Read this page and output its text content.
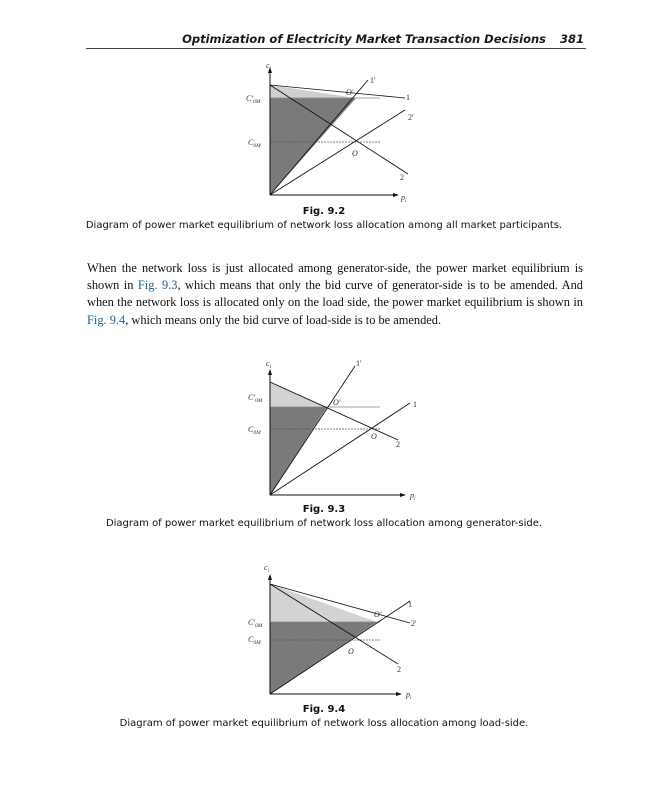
Optimization of Electricity Market Transaction Decisions 381
$c_i$
$p_i$
$C'_{0M}$
$C_{0M}$
O'
O
1'
1
2'
2
Fig. 9.2
Diagram of power market equilibrium of network loss allocation among all market participants.
When the network loss is just allocated among generator-side, the power market equilibrium is shown in Fig. 9.3, which means that only the bid curve of generator-side is to be amended. And when the network loss is allocated only on the load side, the power market equilibrium is shown in Fig. 9.4, which means only the bid curve of load-side is to be amended.
$c_i$
$p_i$
$C'_{0M}$
$C_{0M}$
O'
O
1'
1
2
Fig. 9.3
Diagram of power market equilibrium of network loss allocation among generator-side.
$c_i$
$p_i$
$C'_{0M}$
$C_{0M}$
O'
O
1
2'
2
Fig. 9.4
Diagram of power market equilibrium of network loss allocation among load-side.
